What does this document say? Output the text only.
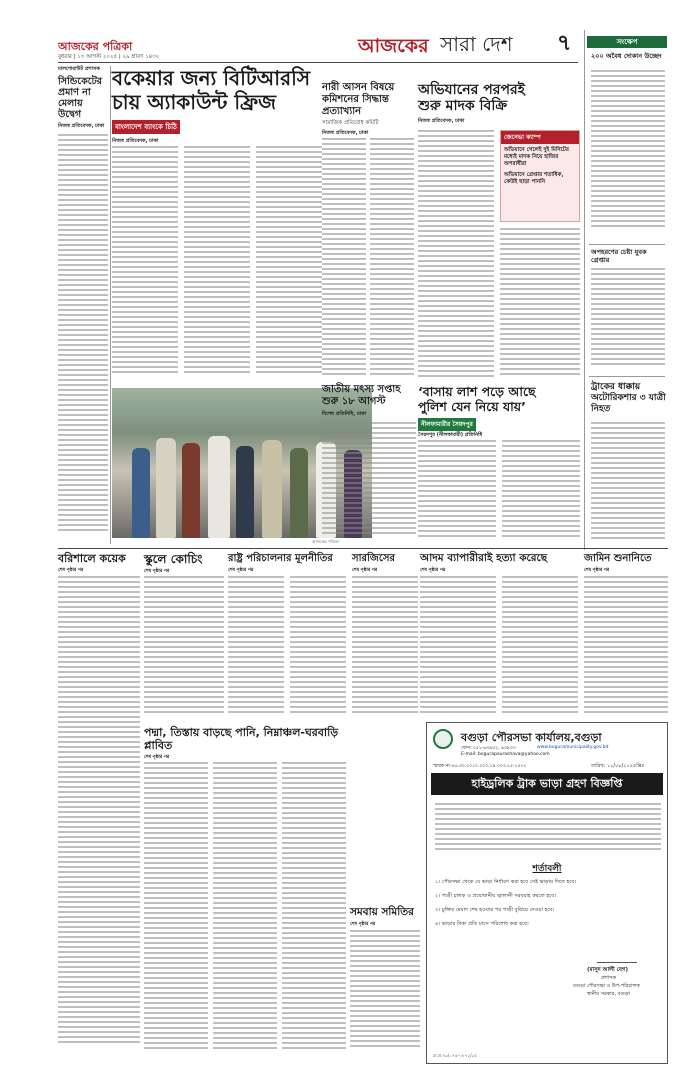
আজকের পত্রিকা
বুধবার | ১৩ আগস্ট ২০২৫ | ২৯ শ্রাবণ ১৪৩২	আজকের সারা দেশ ৭	সংক্ষেপ
২০০ অবৈধ দোকান উচ্ছেদ
অপহরণের চেষ্টা যুবক গ্রেপ্তার
ট্রাকের ধাক্কায় অটোরিকশার ৩ যাত্রী নিহত
মালশোরাউট প্রশাসক
সিন্ডিকেটের প্রমাণ না মেলায় উদ্বেগ
নিজস্ব প্রতিবেদক, ঢাকা
বকেয়ার জন্য বিটিআরসি
চায় অ্যাকাউন্ট ফ্রিজ
বাংলাদেশ ব্যাংকে চিঠি
নিজস্ব প্রতিবেদক, ঢাকা
আজকের পত্রিকা
নারী আসন বিষয়ে কমিশনের সিদ্ধান্ত প্রত্যাখ্যান
সামাজিক প্রতিরোধ কমিটি
নিজস্ব প্রতিবেদক, ঢাকা
অভিযানের পরপরই
শুরু মাদক বিক্রি
নিজস্ব প্রতিবেদক, ঢাকা
জেনেভা ক্যাম্প
অভিযানে গেলেই দুই মিনিটের মধ্যেই মাদক নিয়ে হাজির অপরাধীরা
অভিযানে গ্রেপ্তার শতাধিক, কেউই ছাড়া পাননি
জাতীয় মৎস্য সপ্তাহ শুরু ১৮ আগস্ট
বিশেষ প্রতিনিধি, ঢাকা
‘বাসায় লাশ পড়ে আছে
পুলিশ যেন নিয়ে যায়’
নীলফামারীর সৈয়দপুর
সৈয়দপুর (নীলফামারী) প্রতিনিধি
বরিশালে কয়েক
শেষ পৃষ্ঠার পর
স্কুলে কোচিং
শেষ পৃষ্ঠার পর
রাষ্ট্র পরিচালনার মূলনীতির
শেষ পৃষ্ঠার পর
সারজিসের
শেষ পৃষ্ঠার পর
আদম ব্যাপারীরাই হত্যা করেছে
শেষ পৃষ্ঠার পর
জামিন শুনানিতে
শেষ পৃষ্ঠার পর
পদ্মা, তিস্তায় বাড়ছে পানি, নিম্নাঞ্চল-ঘরবাড়ি প্লাবিত
শেষ পৃষ্ঠার পর
সমবায় সমিতির
শেষ পৃষ্ঠার পর
বগুড়া পৌরসভা কার্যালয়,বগুড়া
ফোন: ০৫১-৬৩৯৩২, ৬৩৯৩৩	www.boguramunicipality.gov.bd
E-mail: bogurapaurashava@yahoo.com
স্মারক নং-৪৬.৩০.১০১০.০০০.১৯.০০৩.২৫-১৫৭২	তারিখ: ১১/০৮/২০২৫খ্রিঃ
হাইড্রলিক ট্রাক ভাড়া গ্রহণ বিজ্ঞপ্তি
শর্তাবলী
১। পৌরসভা থেকে যে ভাড়া নির্ধারণ করা হবে সেই ভাড়ায় দিতে হবে।
২। গাড়ী চালক ও প্রয়োজনীয় জ্বালানী সরবরাহ করতে হবে।
৩। চুক্তির মেয়াদ শেষ হওয়ার পর গাড়ী বুঝিয়ে দেওয়া হবে।
৪। ভাড়ার টাকা প্রতি মাসে পরিশোধ করা হবে।
(মাসুদ আলী বেগ)
প্রশাসক
বগুড়া পৌরসভা ও উপ-পরিচালক
স্থানীয় সরকার, বগুড়া
রা:প্র:৭৯(১৭৫-০৮৭২/২৫
